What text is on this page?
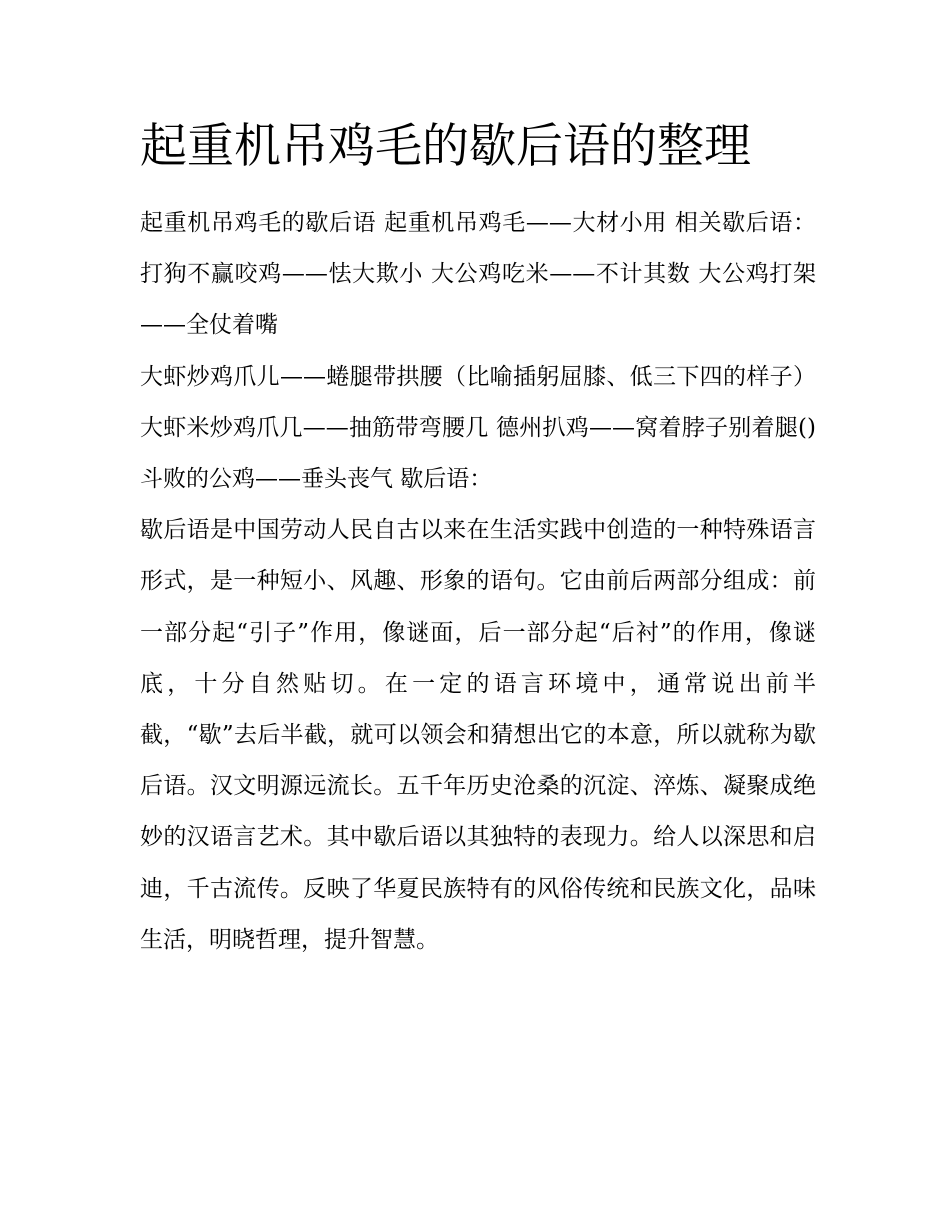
起重机吊鸡毛的歇后语的整理

起重机吊鸡毛的歇后语 起重机吊鸡毛——大材小用 相关歇后语： 打狗不赢咬鸡——怯大欺小 大公鸡吃米——不计其数 大公鸡打架——全仗着嘴

大虾炒鸡爪儿——蜷腿带拱腰（比喻插躬屈膝、低三下四的样子） 大虾米炒鸡爪几——抽筋带弯腰几 德州扒鸡——窝着脖子别着腿() 斗败的公鸡——垂头丧气 歇后语：

歇后语是中国劳动人民自古以来在生活实践中创造的一种特殊语言形式，是一种短小、风趣、形象的语句。它由前后两部分组成：前一部分起“引子”作用，像谜面，后一部分起“后衬”的作用，像谜底，十分自然贴切。在一定的语言环境中，通常说出前半截，“歇”去后半截，就可以领会和猜想出它的本意，所以就称为歇后语。汉文明源远流长。五千年历史沧桑的沉淀、淬炼、凝聚成绝妙的汉语言艺术。其中歇后语以其独特的表现力。给人以深思和启迪，千古流传。反映了华夏民族特有的风俗传统和民族文化，品味生活，明晓哲理，提升智慧。
